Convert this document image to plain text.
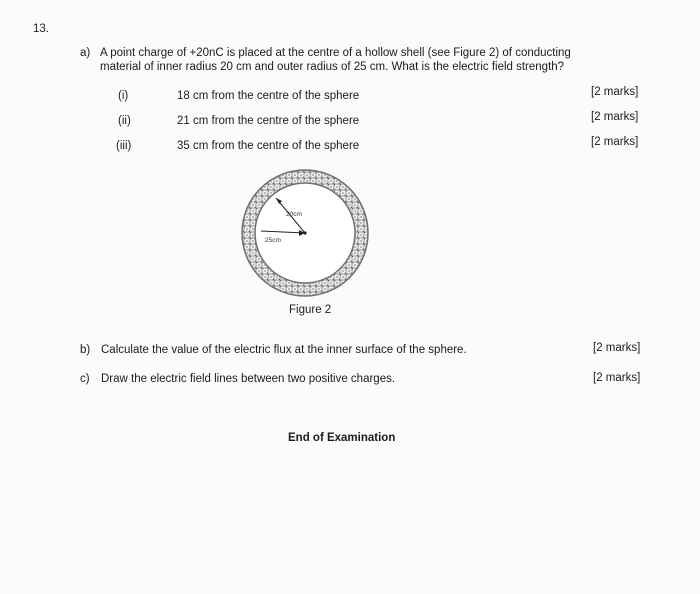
13.
a) A point charge of +20nC is placed at the centre of a hollow shell (see Figure 2) of conducting
material of inner radius 20 cm and outer radius of 25 cm. What is the electric field strength?
(i)	18 cm from the centre of the sphere	[2 marks]
(ii)	21 cm from the centre of the sphere	[2 marks]
(iii)	35 cm from the centre of the sphere	[2 marks]
20cm
25cm
Figure 2
b) Calculate the value of the electric flux at the inner surface of the sphere.	[2 marks]
c) Draw the electric field lines between two positive charges.	[2 marks]
End of Examination
